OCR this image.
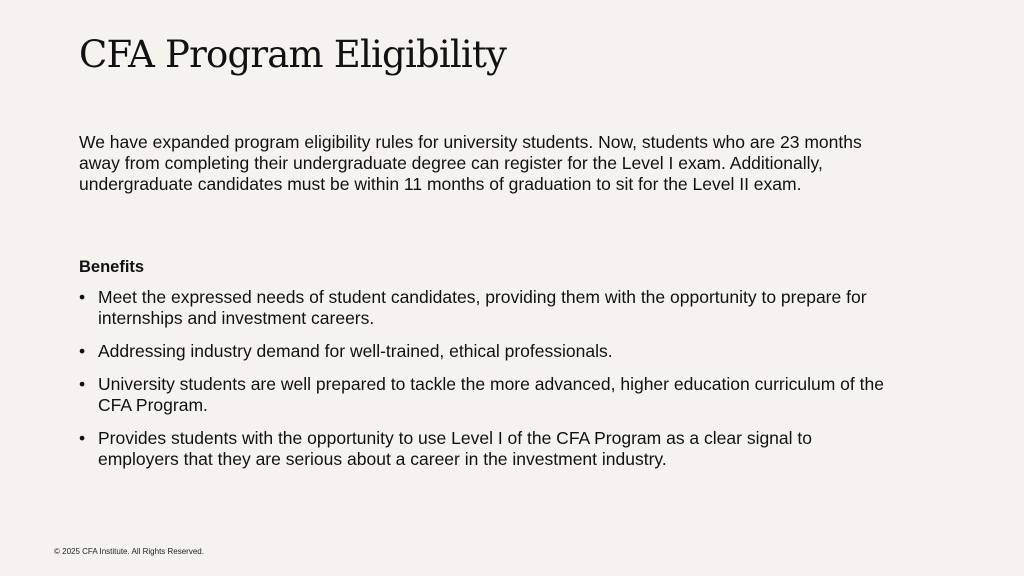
CFA Program Eligibility

We have expanded program eligibility rules for university students. Now, students who are 23 months away from completing their undergraduate degree can register for the Level I exam. Additionally, undergraduate candidates must be within 11 months of graduation to sit for the Level II exam.

Benefits
• Meet the expressed needs of student candidates, providing them with the opportunity to prepare for internships and investment careers.
• Addressing industry demand for well-trained, ethical professionals.
• University students are well prepared to tackle the more advanced, higher education curriculum of the CFA Program.
• Provides students with the opportunity to use Level I of the CFA Program as a clear signal to employers that they are serious about a career in the investment industry.

© 2025 CFA Institute. All Rights Reserved.
